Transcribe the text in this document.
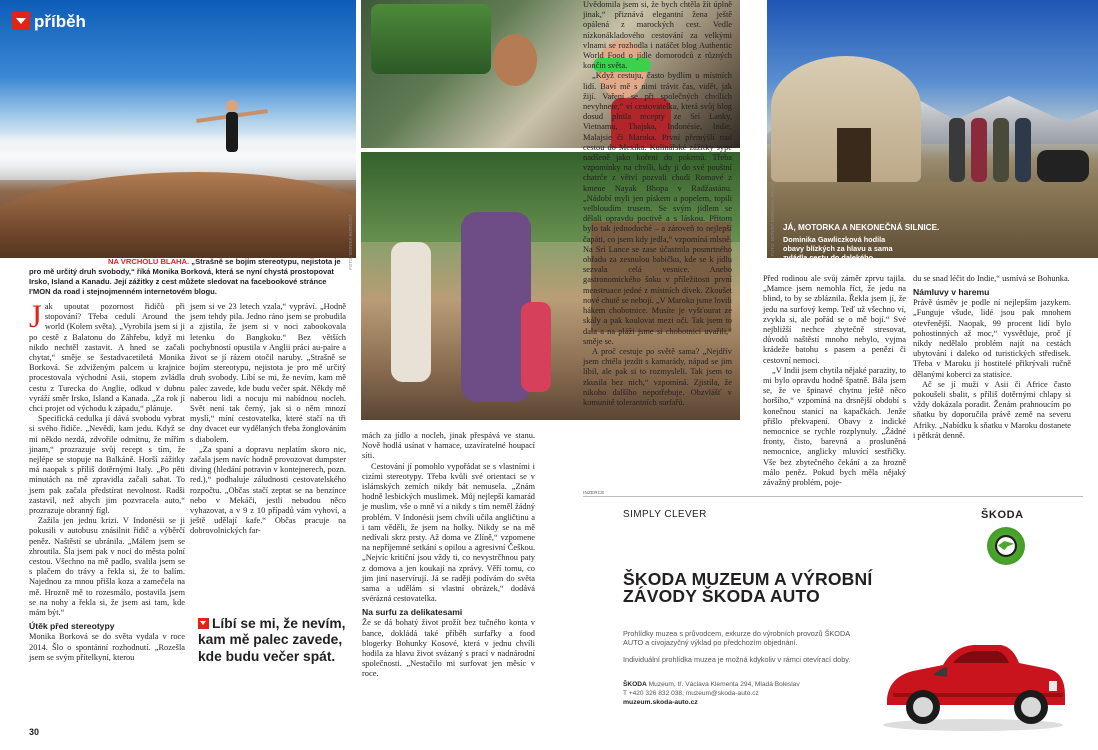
příběh
FOTO: MONIKA BORKOVÁ	FOTO: MONIKA BORKOVÁ, ARCHIV JÁ, MOTORKA A NEKONEČNÁ SILNICE.
Dominika Gawliczková hodila obavy blízkých za hlavu a sama zvládla cestu do dalekého Kyrgyzstánu.
NA VRCHOLU BLAHA. „Strašně se bojím stereotypu, nejistota je pro mě určitý druh svobody,“ říká Monika Borková, která se nyní chystá prostopovat Irsko, Island a Kanadu. Její zážitky z cest můžete sledovat na facebookové stránce I'MON da road i stejnojmenném internetovém blogu.
J ak upoutat pozornost řidičů při stopování? Třeba cedulí Around the world (Kolem světa). „Vyrobila jsem si ji po cestě z Balatonu do Záhřebu, když mi nikdo nechtěl zastavit. A hned se začali chytat,“ směje se šestadvacetiletá Monika Borková. Se zdviženým palcem u krajnice procestovala východní Asii, stopem zvládla cestu z Turecka do Anglie, odkud v dubnu vyráží směr Irsko, Island a Kanada. „Za rok jí chci projet od východu k západu,“ plánuje.

Specifická cedulka jí dává svobodu vybrat si svého řidiče. „Nevědí, kam jedu. Když se mi někdo nezdá, zdvořile odmítnu, že mířím jinam,“ prozrazuje svůj recept s tím, že nejlépe se stopuje na Balkáně. Horší zážitky má naopak s příliš dotěrnými Italy. „Po pěti minutách na mě zpravidla začali sahat. To jsem pak začala předstírat nevolnost. Radši zastavil, než abych jim pozvracela auto,“ prozrazuje obranný fígl.

Zažila jen jednu krizi. V Indonésii se ji pokusili v autobusu znásilnit řidič a výběrčí peněz. Naštěstí se ubránila. „Málem jsem se zhroutila. Šla jsem pak v noci do města polní cestou. Všechno na mě padlo, svalila jsem se s plačem do trávy a řekla si, že to balím. Najednou za mnou přišla koza a zamečela na mě. Hrozně mě to rozesmálo, postavila jsem se na nohy a řekla si, že jsem asi tam, kde mám být.“

Útěk před stereotypy

Monika Borková se do světa vydala v roce 2014. Šlo o spontánní rozhodnutí. „Rozešla jsem se svým přítelkyní, kterou

jsem si ve 23 letech vzala,“ vypráví. „Hodně jsem tehdy pila. Jedno ráno jsem se probudila a zjistila, že jsem si v noci zabookovala letenku do Bangkoku.“ Bez větších pochybností opustila v Anglii práci au-paire a život se jí rázem otočil naruby. „Strašně se bojím stereotypu, nejistota je pro mě určitý druh svobody. Líbí se mi, že nevím, kam mě palec zavede, kde budu večer spát. Někdy mě naberou lidi a nocuju mi nabídnou nocleh. Svět není tak černý, jak si o něm mnozí myslí,“ míní cestovatelka, které stačí na tři dny dvacet eur vydělaných třeba žonglováním s diabolem.

„Za spaní a dopravu neplatím skoro nic, začala jsem navíc hodně provozovat dumpster diving (hledání potravin v kontejnerech, pozn. red.),“ podhaluje záludnosti cestovatelského rozpočtu. „Občas stačí zeptat se na benzínce nebo v Mekáči, jestli nebudou něco vyhazovat, a v 9 z 10 případů vám vyhoví, a ještě udělají kafe.“ Občas pracuje na dobrovolnických far-

Líbí se mi, že nevím, kam mě palec zavede, kde budu večer spát.

mách za jídlo a nocleh, jinak přespává ve stanu. Nově hodlá usínat v hamace, uzavíratelné houpací síti.

Cestování jí pomohlo vypořádat se s vlastními i cizími stereotypy. Třeba kvůli své orientaci se v islámských zemích nikdy bát nemusela. „Znám hodně lesbických muslimek. Můj nejlepší kamarád je muslim, vše o mně ví a nikdy s tím neměl žádný problém. V Indonésii jsem chvíli učila angličtinu a i tam věděli, že jsem na holky. Nikdy se na mě nedívali skrz prsty. Až doma ve Zlíně,“ vzpomene na nepříjemné setkání s opilou a agresivní Češkou. „Nejvíc kritiční jsou vždy ti, co nevystrčhnou paty z domova a jen koukají na zprávy. Věří tomu, co jim jiní naservírují. Já se raději podívám do světa sama a udělám si vlastní obrázek,“ dodává svérázná cestovatelka.

Na surfu za delikatesami

Že se dá bohatý život prožít bez tučného konta v bance, dokládá také příběh surfařky a food blogerky Bohunky Kosové, která v jednu chvíli hodila za hlavu život svázaný s prací v nadnárodní společnosti. „Nestačilo mi surfovat jen měsíc v roce.

Uvědomila jsem si, že bych chtěla žít úplně jinak,“ přiznává elegantní žena ještě opálená z marockých cest. Vedle nízkonákladového cestování za velkými vlnami se rozhodla i natáčet blog Authentic World Food o jídle domorodců z různých končin světa.

„Když cestuju, často bydlím u místních lidí. Baví mě s nimi trávit čas, vidět, jak žijí. Vaření se při společných chvílích nevyhnete,“ ví cestovatelka, která svůj blog dosud plnila recepty ze Srí Lanky, Vietnamu, Thajska, Indonésie, Indie, Malajsie či Maroka. První přemýšlí nad cestou do Mexika. Kulinářské zážitky sype nadšeně jako koření do pokrmů. Třeba vzpomínky na chvíli, kdy ji do své pouštní chatrče z větví pozvali chudí Romové z kmene Nayak Bhopa v Radžastánu. „Nádobí myli jen pískem a popelem, topili velbloudím trusem. Se svým jídlem se dělali opravdu poctivě a s láskou. Přitom bylo tak jednoduché – a zároveň to nejlepší čapáti, co jsem kdy jedla,“ vzpomíná mlsně. Na Srí Lance se zase účastnila posmrtného obřadu za zesnulou babičku, kde se k jídlu sezvala celá vesnice. Anebo gastronomického šoku v příležitosti první menstruace jedné z místních dívek. Zkoušet nové chutě se nebojí. „V Maroku jsme lovili hákem chobotnice. Musíte je vyšťourat ze skály a pak koulovat mezi oči. Tak jsem to dala a na pláži jsme si chobotnici uvařili,“ směje se.

A proč cestuje po světě sama? „Nejdřív jsem chtěla jezdit s kamarády, nápad se jim líbil, ale pak si to rozmysleli. Tak jsem to zkusila bez nich,“ vzpomíná. Zjistila, že nikoho dalšího nepotřebuje. Obzvlášť v komunitě tolerantních surfařů.

Před rodinou ale svůj záměr zprvu tajila. „Mamce jsem nemohla říct, že jedu na blind, to by se zbláznila. Řekla jsem jí, že jedu na surfový kemp. Teď už všechno ví, zvykla si, ale pořád se o mě bojí.“ Své nejbližší nechce zbytečně stresovat, důvodů naštěstí mnoho nebylo, vyjma krádeže batohu s pasem a penězi či cestovní nemoci.

„V Indii jsem chytila nějaké parazity, to mi bylo opravdu hodně špatně. Bála jsem se, že ve špinavé chytnu ještě něco horšího,“ vzpomíná na drsnější období s konečnou stanicí na kapačkách. Jenže přišlo překvapení. Obavy z indické nemocnice se rychle rozplynuly. „Žádné fronty, čisto, barevná a prosluněná nemocnice, anglicky mluvící sestřičky. Vše bez zbytečného čekání a za hrozně málo peněz. Pokud bych měla nějaký závažný problém, poje-

du se snad léčit do Indie,“ usmívá se Bohunka.

Námluvy v haremu

Právě úsměv je podle ní nejlepším jazykem. „Funguje všude, lidé jsou pak mnohem otevřenější. Naopak, 99 procent lidí bylo pohostinných až moc,“ vysvětluje, proč jí nikdy nedělalo problém najít na cestách ubytování i daleko od turistických středisek. Třeba v Maroku jí hostitelé přikrývali ručně dělanými koberci za statisíce.

Ač se jí muži v Asii či Africe často pokoušeli sbalit, s příliš dotěrnými chlapy si vždy dokázala poradit. Ženám prahnoucím po sňatku by doporučila právě země na severu Afriky. „Nabídku k sňatku v Maroku dostanete i pětkrát denně.

INZERCE
SIMPLY CLEVER	ŠKODA
ŠKODA MUZEUM A VÝROBNÍ ZÁVODY ŠKODA AUTO
Prohlídky muzea s průvodcem, exkurze do výrobních provozů ŠKODA AUTO a civojazyčný výklad po předchozím objednání.
Individuální prohlídka muzea je možná kdykoliv v rámci otevírací doby.
ŠKODA Muzeum, tř. Václava Klementa 294, Mladá Boleslav
T +420 326 832 038, muzeum@skoda-auto.cz
muzeum.skoda-auto.cz
30
